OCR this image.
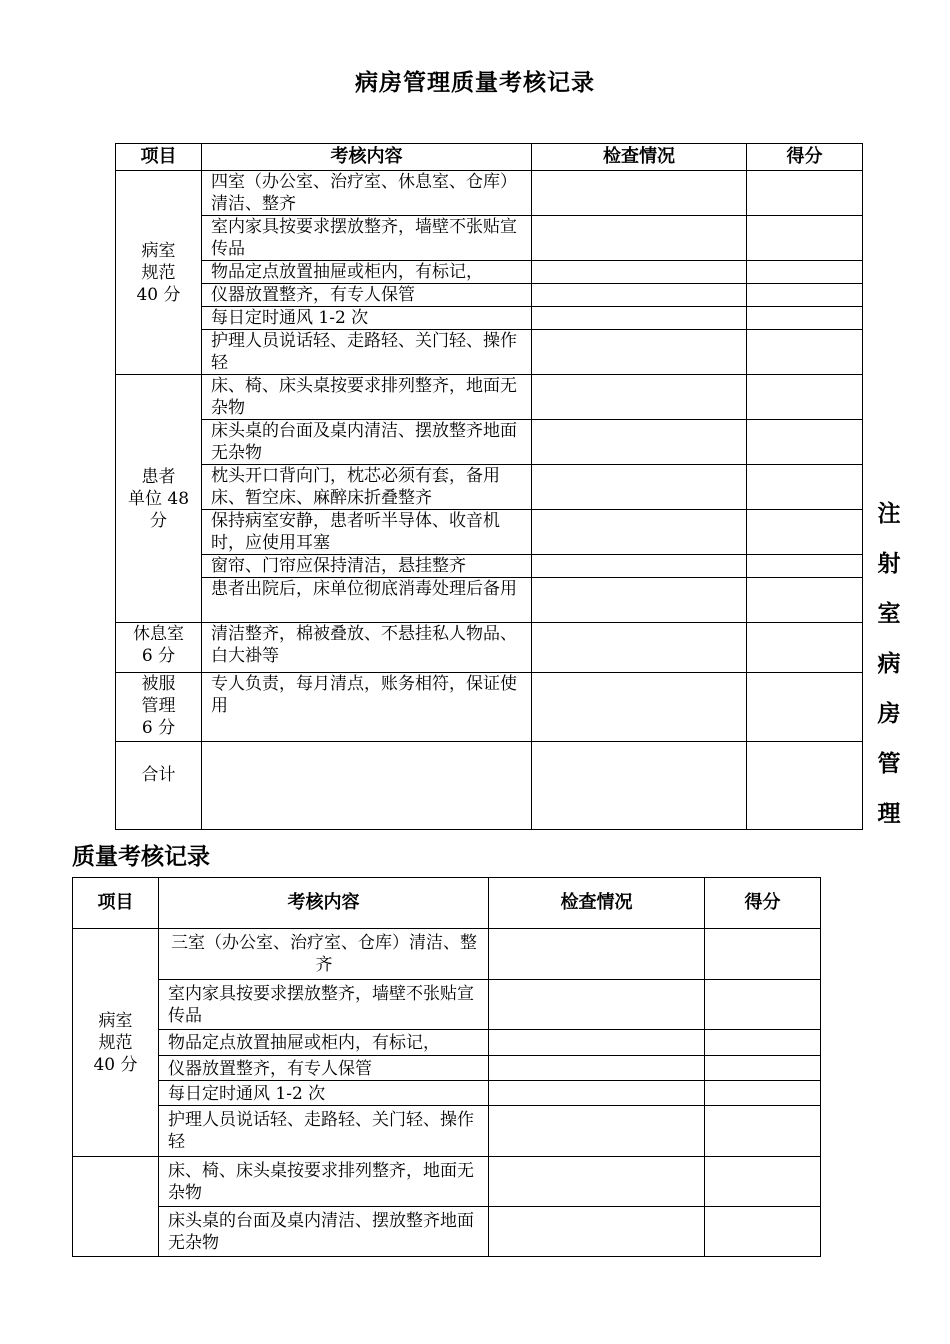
病房管理质量考核记录
项目	考核内容	检查情况	得分

病室
规范
40 分	四室（办公室、治疗室、休息室、仓库）清洁、整齐		
	室内家具按要求摆放整齐，墙壁不张贴宣传品		
	物品定点放置抽屉或柜内，有标记，		
	仪器放置整齐，有专人保管		
	每日定时通风 1-2 次		
	护理人员说话轻、走路轻、关门轻、操作轻		

患者
单位 48
分	床、椅、床头桌按要求排列整齐，地面无杂物		
	床头桌的台面及桌内清洁、摆放整齐地面无杂物		
	枕头开口背向门，枕芯必须有套，备用床、暂空床、麻醉床折叠整齐		
	保持病室安静，患者听半导体、收音机时，应使用耳塞		
	窗帘、门帘应保持清洁，悬挂整齐		
	患者出院后，床单位彻底消毒处理后备用		

休息室
6 分	清洁整齐，棉被叠放、不悬挂私人物品、白大褂等		

被服
管理
6 分	专人负责，每月清点，账务相符，保证使用		

合计			

注
射
室
病
房
管
理
质量考核记录
项目	考核内容	检查情况	得分

病室
规范
40 分	三室（办公室、治疗室、仓库）清洁、整齐		
	室内家具按要求摆放整齐，墙壁不张贴宣传品		
	物品定点放置抽屉或柜内，有标记，		
	仪器放置整齐，有专人保管		
	每日定时通风 1-2 次		
	护理人员说话轻、走路轻、关门轻、操作轻		
	床、椅、床头桌按要求排列整齐，地面无杂物		
	床头桌的台面及桌内清洁、摆放整齐地面无杂物		
